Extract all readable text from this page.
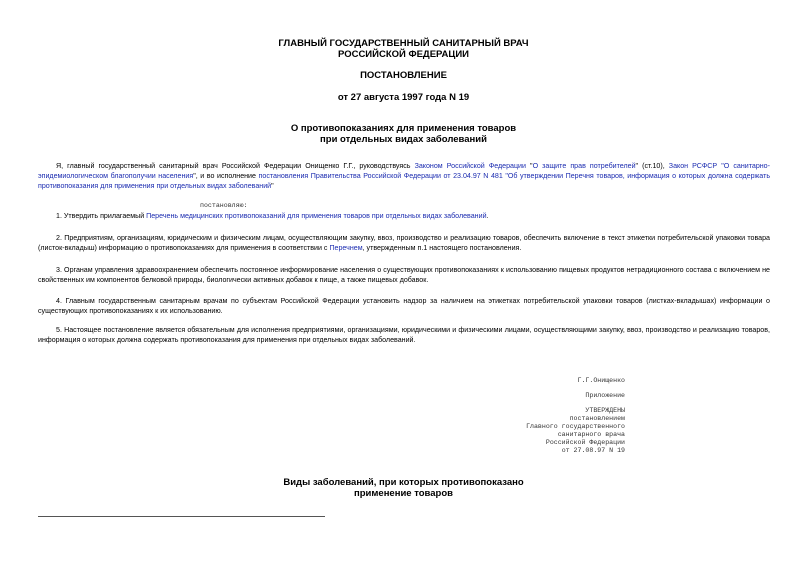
ГЛАВНЫЙ ГОСУДАРСТВЕННЫЙ САНИТАРНЫЙ ВРАЧ
РОССИЙСКОЙ ФЕДЕРАЦИИ
ПОСТАНОВЛЕНИЕ
от 27 августа 1997 года N 19
О противопоказаниях для применения товаров
при отдельных видах заболеваний
Я, главный государственный санитарный врач Российской Федерации Онищенко Г.Г., руководствуясь Законом Российской Федерации "О защите прав потребителей" (ст.10), Закон РСФСР "О санитарно-эпидемиологическом благополучии населения", и во исполнение постановления Правительства Российской Федерации от 23.04.97 N 481 "Об утверждении Перечня товаров, информация о которых должна содержать противопоказания для применения при отдельных видах заболеваний"
постановляю:
1. Утвердить прилагаемый Перечень медицинских противопоказаний для применения товаров при отдельных видах заболеваний.
2. Предприятиям, организациям, юридическим и физическим лицам, осуществляющим закупку, ввоз, производство и реализацию товаров, обеспечить включение в текст этикетки потребительской упаковки товара (листок-вкладыш) информацию о противопоказаниях для применения в соответствии с Перечнем, утвержденным п.1 настоящего постановления.
3. Органам управления здравоохранением обеспечить постоянное информирование населения о существующих противопоказаниях к использованию пищевых продуктов нетрадиционного состава с включением не свойственных им компонентов белковой природы, биологически активных добавок к пище, а также пищевых добавок.
4. Главным государственным санитарным врачам по субъектам Российской Федерации установить надзор за наличием на этикетках потребительской упаковки товаров (листках-вкладышах) информации о существующих противопоказаниях к их использованию.
5. Настоящее постановление является обязательным для исполнения предприятиями, организациями, юридическими и физическими лицами, осуществляющими закупку, ввоз, производство и реализацию товаров, информация о которых должна содержать противопоказания для применения при отдельных видах заболеваний.
Г.Г.Онищенко
Приложение
УТВЕРЖДЕНЫ
постановлением
Главного государственного
санитарного врача
Российской Федерации
от 27.08.97 N 19
Виды заболеваний, при которых противопоказано
применение товаров
